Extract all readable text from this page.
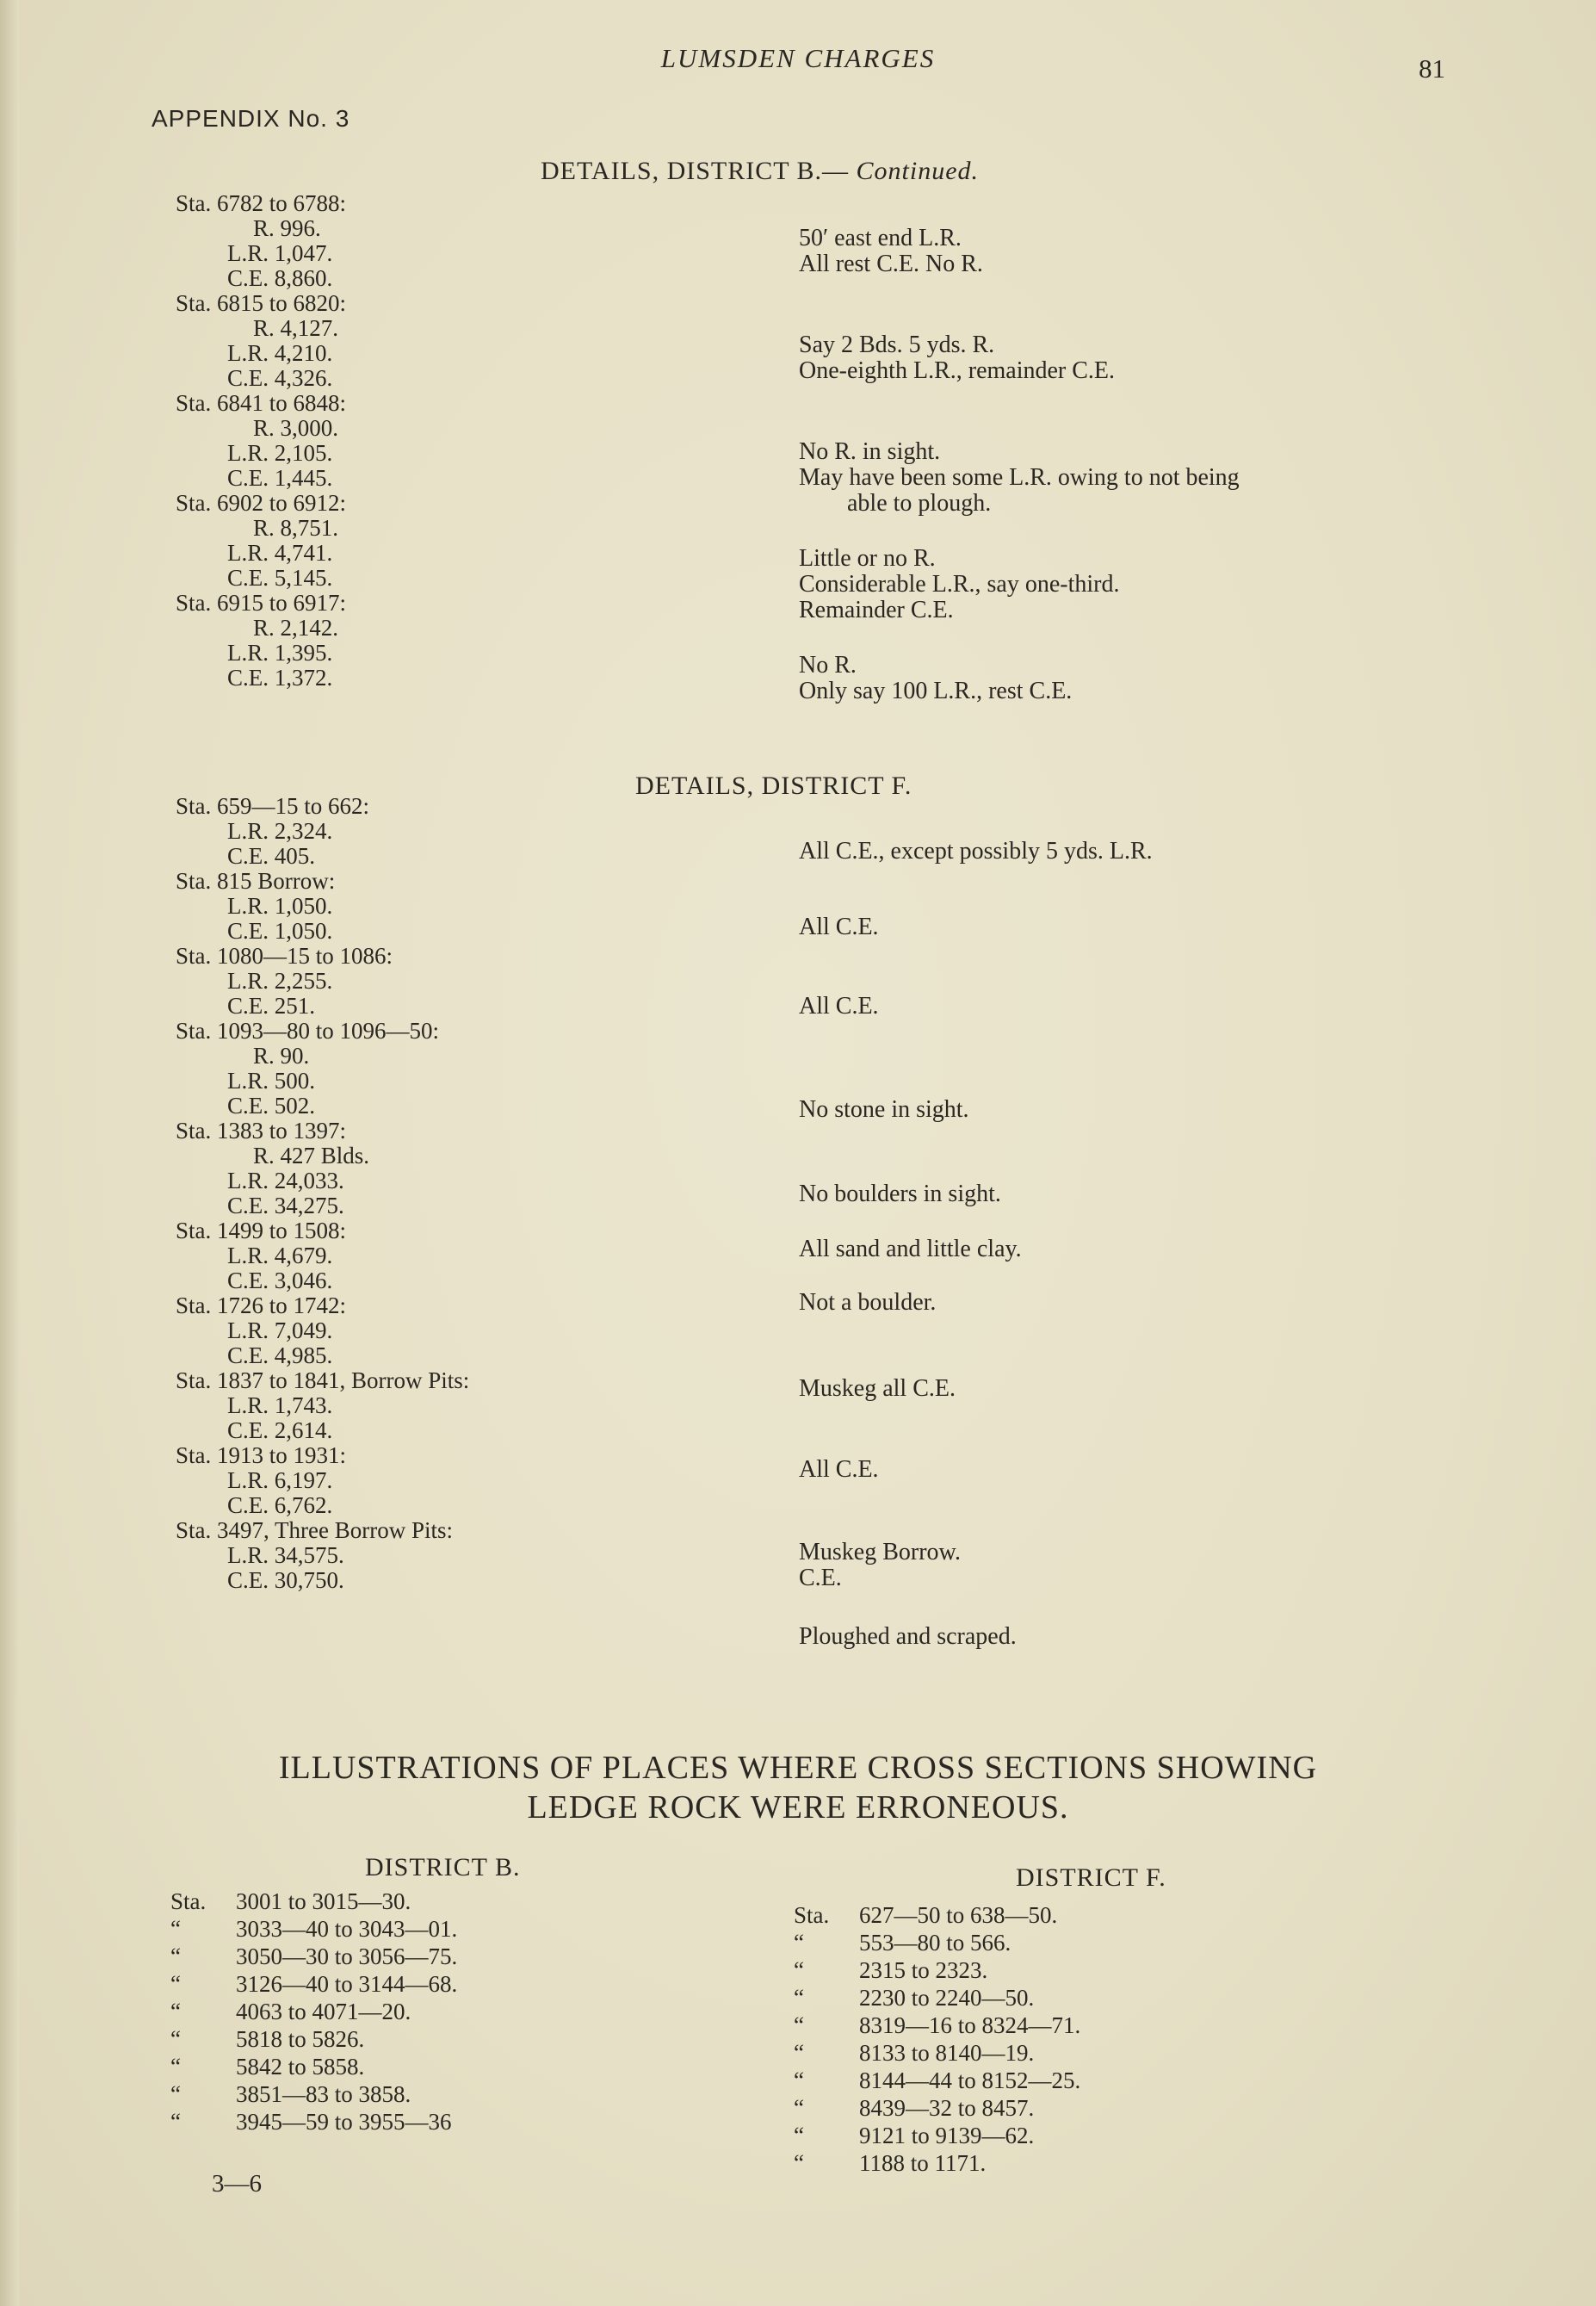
LUMSDEN CHARGES	81
APPENDIX No. 3
DETAILS, DISTRICT B.— Continued.
Sta. 6782 to 6788:
R. 996.
L.R. 1,047.
C.E. 8,860.
Sta. 6815 to 6820:
R. 4,127.
L.R. 4,210.
C.E. 4,326.
Sta. 6841 to 6848:
R. 3,000.
L.R. 2,105.
C.E. 1,445.
Sta. 6902 to 6912:
R. 8,751.
L.R. 4,741.
C.E. 5,145.
Sta. 6915 to 6917:
R. 2,142.
L.R. 1,395.
C.E. 1,372.
50′ east end L.R.
All rest C.E. No R.
Say 2 Bds. 5 yds. R.
One-eighth L.R., remainder C.E.
No R. in sight.
May have been some L.R. owing to not being
able to plough.
Little or no R.
Considerable L.R., say one-third.
Remainder C.E.
No R.
Only say 100 L.R., rest C.E.
DETAILS, DISTRICT F.
Sta. 659—15 to 662:
L.R. 2,324.
C.E. 405.
Sta. 815 Borrow:
L.R. 1,050.
C.E. 1,050.
Sta. 1080—15 to 1086:
L.R. 2,255.
C.E. 251.
Sta. 1093—80 to 1096—50:
R. 90.
L.R. 500.
C.E. 502.
Sta. 1383 to 1397:
R. 427 Blds.
L.R. 24,033.
C.E. 34,275.
Sta. 1499 to 1508:
L.R. 4,679.
C.E. 3,046.
Sta. 1726 to 1742:
L.R. 7,049.
C.E. 4,985.
Sta. 1837 to 1841, Borrow Pits:
L.R. 1,743.
C.E. 2,614.
Sta. 1913 to 1931:
L.R. 6,197.
C.E. 6,762.
Sta. 3497, Three Borrow Pits:
L.R. 34,575.
C.E. 30,750.
All C.E., except possibly 5 yds. L.R.
All C.E.
All C.E.
No stone in sight.
No boulders in sight.
All sand and little clay.
Not a boulder.
Muskeg all C.E.
All C.E.
Muskeg Borrow.
C.E.
Ploughed and scraped.
ILLUSTRATIONS OF PLACES WHERE CROSS SECTIONS SHOWING
LEDGE ROCK WERE ERRONEOUS.
DISTRICT B.	DISTRICT F.
Sta. 3001 to 3015—30.
“ 3033—40 to 3043—01.
“ 3050—30 to 3056—75.
“ 3126—40 to 3144—68.
“ 4063 to 4071—20.
“ 5818 to 5826.
“ 5842 to 5858.
“ 3851—83 to 3858.
“ 3945—59 to 3955—36
Sta. 627—50 to 638—50.
“ 553—80 to 566.
“ 2315 to 2323.
“ 2230 to 2240—50.
“ 8319—16 to 8324—71.
“ 8133 to 8140—19.
“ 8144—44 to 8152—25.
“ 8439—32 to 8457.
“ 9121 to 9139—62.
“ 1188 to 1171.
3—6
